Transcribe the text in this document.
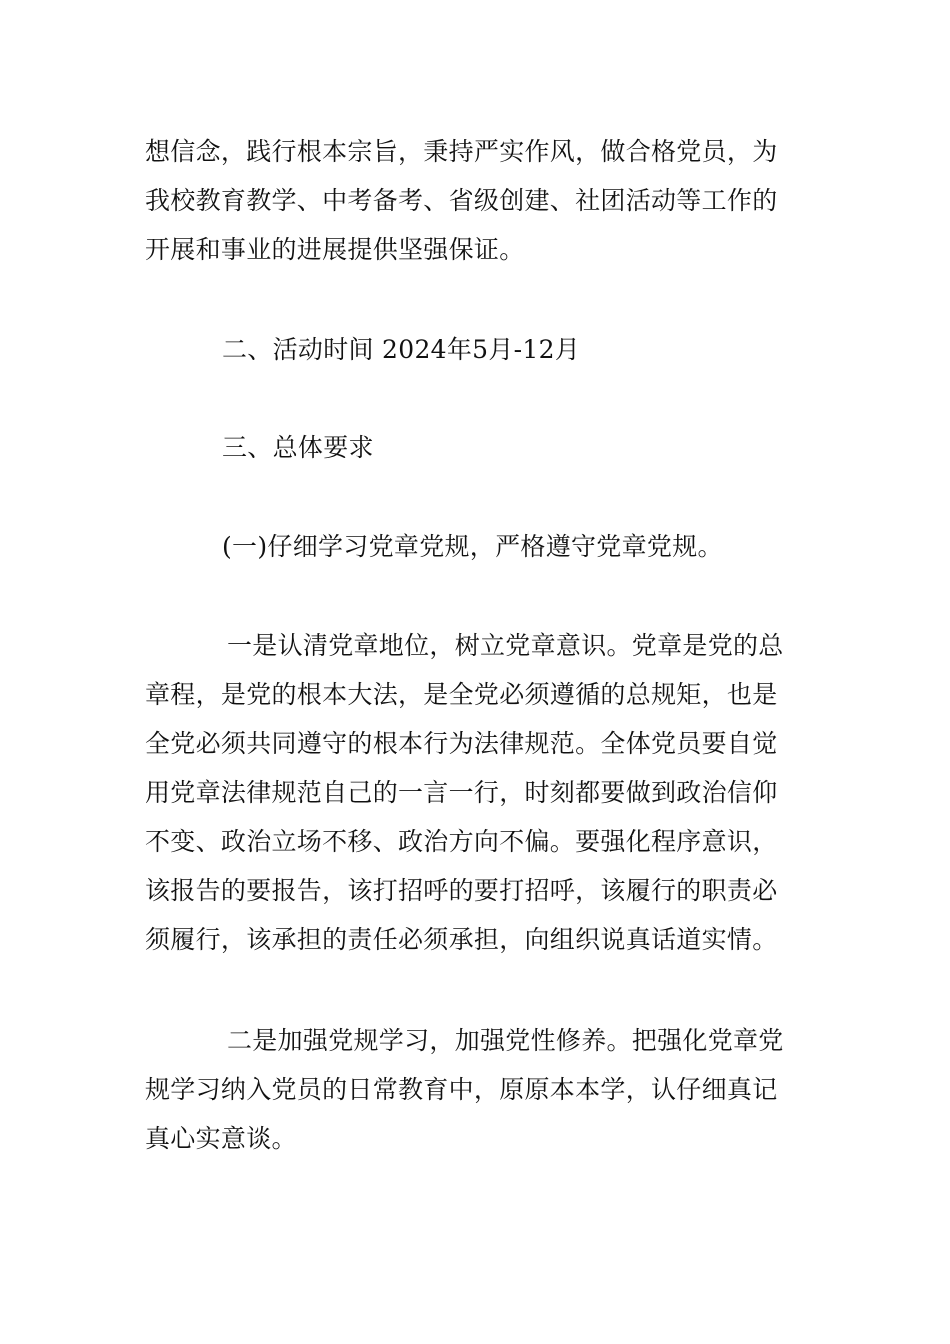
想信念，践行根本宗旨，秉持严实作风，做合格党员，为
我校教育教学、中考备考、省级创建、社团活动等工作的
开展和事业的进展提供坚强保证。

二、活动时间 2024年5月-12月

三、总体要求

(一)仔细学习党章党规，严格遵守党章党规。

一是认清党章地位，树立党章意识。党章是党的总
章程，是党的根本大法，是全党必须遵循的总规矩，也是
全党必须共同遵守的根本行为法律规范。全体党员要自觉
用党章法律规范自己的一言一行，时刻都要做到政治信仰
不变、政治立场不移、政治方向不偏。要强化程序意识，
该报告的要报告，该打招呼的要打招呼，该履行的职责必
须履行，该承担的责任必须承担，向组织说真话道实情。

二是加强党规学习，加强党性修养。把强化党章党
规学习纳入党员的日常教育中，原原本本学，认仔细真记
真心实意谈。
